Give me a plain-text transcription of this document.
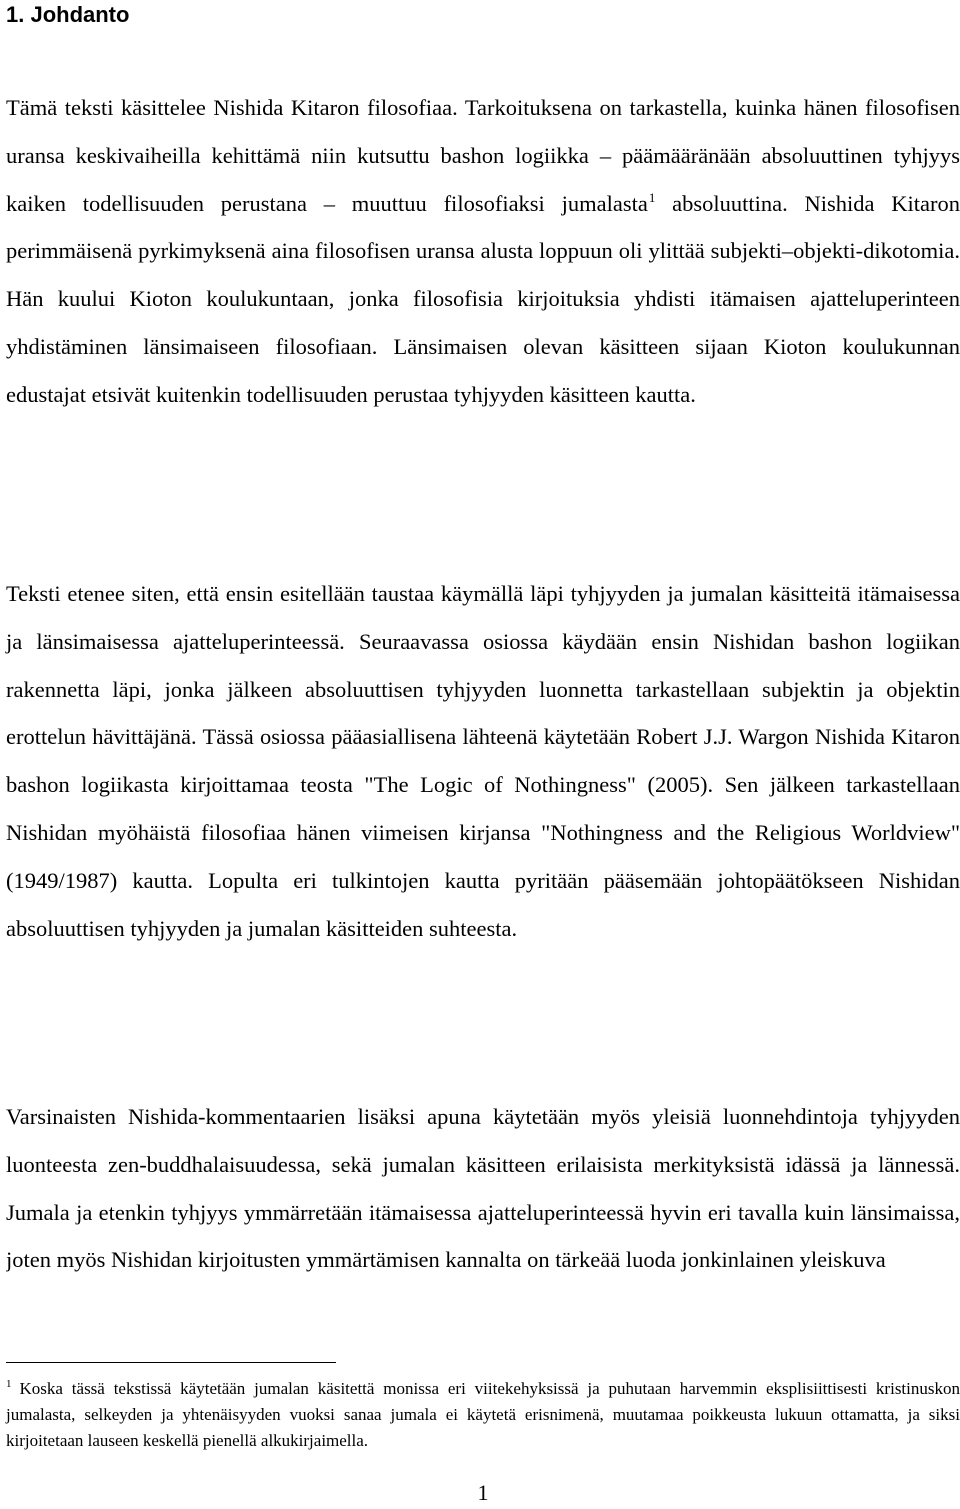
1. Johdanto

Tämä teksti käsittelee Nishida Kitaron filosofiaa. Tarkoituksena on tarkastella, kuinka hänen filosofisen uransa keskivaiheilla kehittämä niin kutsuttu bashon logiikka – päämääränään absoluuttinen tyhjyys kaiken todellisuuden perustana – muuttuu filosofiaksi jumalasta$^1$ absoluuttina. Nishida Kitaron perimmäisenä pyrkimyksenä aina filosofisen uransa alusta loppuun oli ylittää subjekti–objekti-dikotomia. Hän kuului Kioton koulukuntaan, jonka filosofisia kirjoituksia yhdisti itämaisen ajatteluperinteen yhdistäminen länsimaiseen filosofiaan. Länsimaisen olevan käsitteen sijaan Kioton koulukunnan edustajat etsivät kuitenkin todellisuuden perustaa tyhjyyden käsitteen kautta.

Teksti etenee siten, että ensin esitellään taustaa käymällä läpi tyhjyyden ja jumalan käsitteitä itämaisessa ja länsimaisessa ajatteluperinteessä. Seuraavassa osiossa käydään ensin Nishidan bashon logiikan rakennetta läpi, jonka jälkeen absoluuttisen tyhjyyden luonnetta tarkastellaan subjektin ja objektin erottelun hävittäjänä. Tässä osiossa pääasiallisena lähteenä käytetään Robert J.J. Wargon Nishida Kitaron bashon logiikasta kirjoittamaa teosta "The Logic of Nothingness" (2005). Sen jälkeen tarkastellaan Nishidan myöhäistä filosofiaa hänen viimeisen kirjansa "Nothingness and the Religious Worldview" (1949/1987) kautta. Lopulta eri tulkintojen kautta pyritään pääsemään johtopäätökseen Nishidan absoluuttisen tyhjyyden ja jumalan käsitteiden suhteesta.

Varsinaisten Nishida-kommentaarien lisäksi apuna käytetään myös yleisiä luonnehdintoja tyhjyyden luonteesta zen-buddhalaisuudessa, sekä jumalan käsitteen erilaisista merkityksistä idässä ja lännessä. Jumala ja etenkin tyhjyys ymmärretään itämaisessa ajatteluperinteessä hyvin eri tavalla kuin länsimaissa, joten myös Nishidan kirjoitusten ymmärtämisen kannalta on tärkeää luoda jonkinlainen yleiskuva

$^1$ Koska tässä tekstissä käytetään jumalan käsitettä monissa eri viitekehyksissä ja puhutaan harvemmin eksplisiittisesti kristinuskon jumalasta, selkeyden ja yhtenäisyyden vuoksi sanaa jumala ei käytetä erisnimenä, muutamaa poikkeusta lukuun ottamatta, ja siksi kirjoitetaan lauseen keskellä pienellä alkukirjaimella.

1
